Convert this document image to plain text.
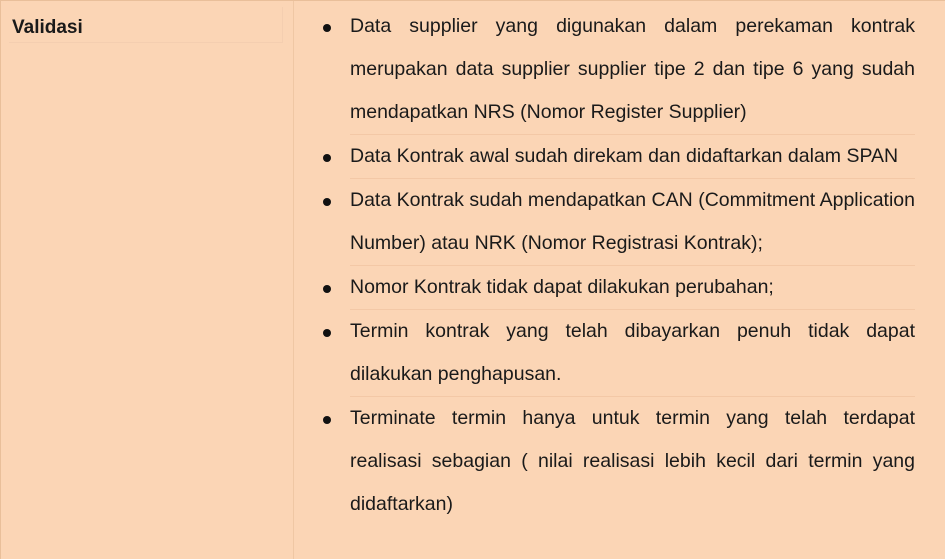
Validasi	Data supplier yang digunakan dalam perekaman kontrak merupakan data supplier supplier tipe 2 dan tipe 6 yang sudah mendapatkan NRS (Nomor Register Supplier)
Data Kontrak awal sudah direkam dan didaftarkan dalam SPAN
Data Kontrak sudah mendapatkan CAN (Commitment Application Number) atau NRK (Nomor Registrasi Kontrak);
Nomor Kontrak tidak dapat dilakukan perubahan;
Termin kontrak yang telah dibayarkan penuh tidak dapat dilakukan penghapusan.
Terminate termin hanya untuk termin yang telah terdapat realisasi sebagian ( nilai realisasi lebih kecil dari termin yang didaftarkan)
